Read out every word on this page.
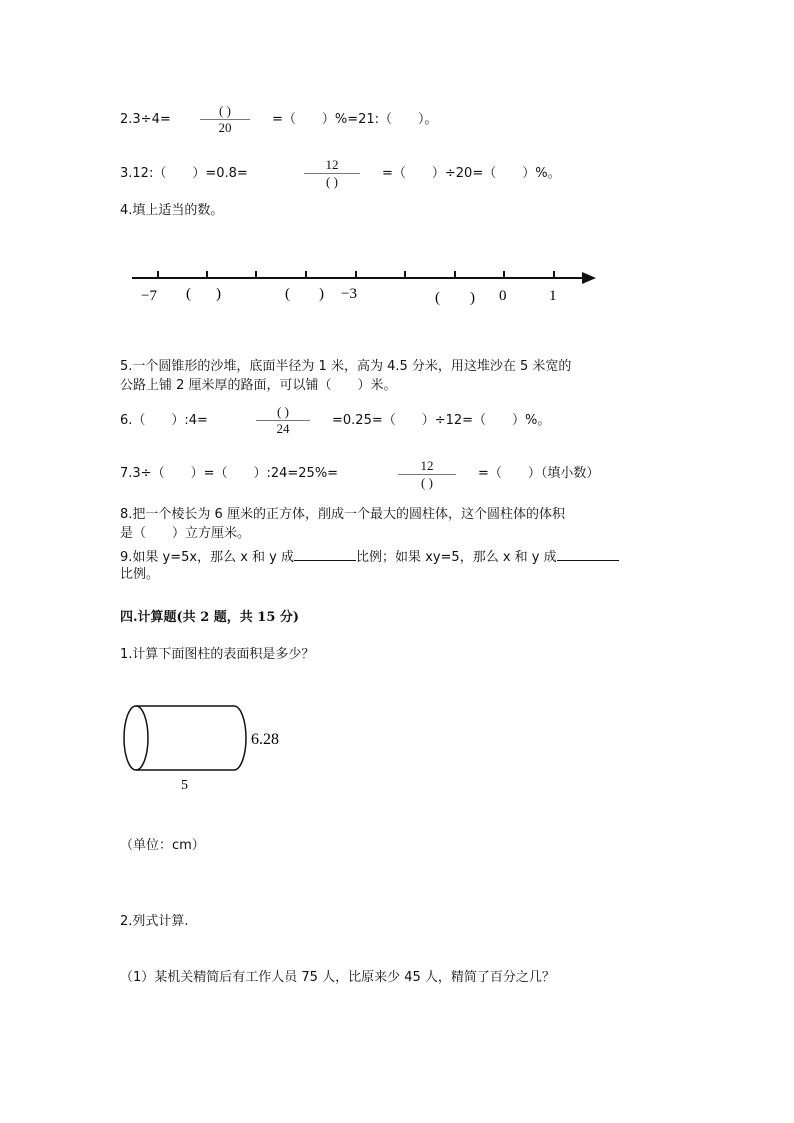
2.3÷4=
( )
20
=（　　）%=21:（　　）。
3.12:（　　）=0.8=
12
( )
=（　　）÷20=（　　）%。
4.填上适当的数。
−7 ( )	( ) −3	( ) 0	1
5.一个圆锥形的沙堆，底面半径为 1 米，高为 4.5 分米，用这堆沙在 5 米宽的
公路上铺 2 厘米厚的路面，可以铺（　　）米。
6.（　　）:4=
( )
24
=0.25=（　　）÷12=（　　）%。
7.3÷（　　）=（　　）:24=25%=
12
( )
=（　　）（填小数）
8.把一个棱长为 6 厘米的正方体，削成一个最大的圆柱体，这个圆柱体的体积
是（　　）立方厘米。
9.如果 y=5x，那么 x 和 y 成	比例；如果 xy=5，那么 x 和 y 成
比例。
四.计算题(共 2 题，共 15 分)
1.计算下面图柱的表面积是多少？
6.28
5
（单位：cm）
2.列式计算.
（1）某机关精简后有工作人员 75 人，比原来少 45 人，精简了百分之几？
